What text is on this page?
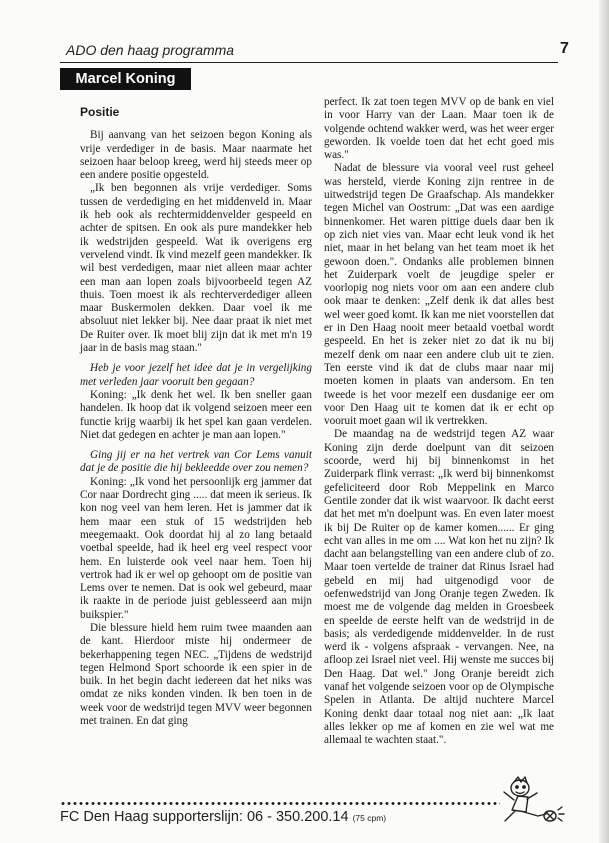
ADO den haag programma	7
Marcel Koning
Positie

Bij aanvang van het seizoen begon Koning als vrije verdediger in de basis. Maar naarmate het seizoen haar beloop kreeg, werd hij steeds meer op een andere positie opgesteld.

„Ik ben begonnen als vrije verdediger. Soms tussen de verdediging en het middenveld in. Maar ik heb ook als rechtermiddenvelder gespeeld en achter de spitsen. En ook als pure mandekker heb ik wedstrijden gespeeld. Wat ik overigens erg vervelend vindt. Ik vind mezelf geen mandekker. Ik wil best verdedigen, maar niet alleen maar achter een man aan lopen zoals bijvoorbeeld tegen AZ thuis. Toen moest ik als rechterverdediger alleen maar Buskermolen dekken. Daar voel ik me absoluut niet lekker bij. Nee daar praat ik niet met De Ruiter over. Ik moet blij zijn dat ik met m'n 19 jaar in de basis mag staan."

Heb je voor jezelf het idee dat je in vergelijking met verleden jaar vooruit ben gegaan?

Koning: „Ik denk het wel. Ik ben sneller gaan handelen. Ik hoop dat ik volgend seizoen meer een functie krijg waarbij ik het spel kan gaan verdelen. Niet dat gedegen en achter je man aan lopen."

Ging jij er na het vertrek van Cor Lems vanuit dat je de positie die hij bekleedde over zou nemen?

Koning: „Ik vond het persoonlijk erg jammer dat Cor naar Dordrecht ging ..... dat meen ik serieus. Ik kon nog veel van hem leren. Het is jammer dat ik hem maar een stuk of 15 wedstrijden heb meegemaakt. Ook doordat hij al zo lang betaald voetbal speelde, had ik heel erg veel respect voor hem. En luisterde ook veel naar hem. Toen hij vertrok had ik er wel op gehoopt om de positie van Lems over te nemen. Dat is ook wel gebeurd, maar ik raakte in de periode juist geblesseerd aan mijn buikspier."

Die blessure hield hem ruim twee maanden aan de kant. Hierdoor miste hij ondermeer de bekerhappening tegen NEC. „Tijdens de wedstrijd tegen Helmond Sport schoorde ik een spier in de buik. In het begin dacht iedereen dat het niks was omdat ze niks konden vinden. Ik ben toen in de week voor de wedstrijd tegen MVV weer begonnen met trainen. En dat ging

perfect. Ik zat toen tegen MVV op de bank en viel in voor Harry van der Laan. Maar toen ik de volgende ochtend wakker werd, was het weer erger geworden. Ik voelde toen dat het echt goed mis was."

Nadat de blessure via vooral veel rust geheel was hersteld, vierde Koning zijn rentree in de uitwedstrijd tegen De Graafschap. Als mandekker tegen Michel van Oostrum: „Dat was een aardige binnenkomer. Het waren pittige duels daar ben ik op zich niet vies van. Maar echt leuk vond ik het niet, maar in het belang van het team moet ik het gewoon doen.". Ondanks alle problemen binnen het Zuiderpark voelt de jeugdige speler er voorlopig nog niets voor om aan een andere club ook maar te denken: „Zelf denk ik dat alles best wel weer goed komt. Ik kan me niet voorstellen dat er in Den Haag nooit meer betaald voetbal wordt gespeeld. En het is zeker niet zo dat ik nu bij mezelf denk om naar een andere club uit te zien. Ten eerste vind ik dat de clubs maar naar mij moeten komen in plaats van andersom. En ten tweede is het voor mezelf een dusdanige eer om voor Den Haag uit te komen dat ik er echt op vooruit moet gaan wil ik vertrekken.

De maandag na de wedstrijd tegen AZ waar Koning zijn derde doelpunt van dit seizoen scoorde, werd hij bij binnenkomst in het Zuiderpark flink verrast: „Ik werd bij binnenkomst gefeliciteerd door Rob Meppelink en Marco Gentile zonder dat ik wist waarvoor. Ik dacht eerst dat het met m'n doelpunt was. En even later moest ik bij De Ruiter op de kamer komen...... Er ging echt van alles in me om .... Wat kon het nu zijn? Ik dacht aan belangstelling van een andere club of zo. Maar toen vertelde de trainer dat Rinus Israel had gebeld en mij had uitgenodigd voor de oefenwedstrijd van Jong Oranje tegen Zweden. Ik moest me de volgende dag melden in Groesbeek en speelde de eerste helft van de wedstrijd in de basis; als verdedigende middenvelder. In de rust werd ik - volgens afspraak - vervangen. Nee, na afloop zei Israel niet veel. Hij wenste me succes bij Den Haag. Dat wel." Jong Oranje bereidt zich vanaf het volgende seizoen voor op de Olympische Spelen in Atlanta. De altijd nuchtere Marcel Koning denkt daar totaal nog niet aan: „Ik laat alles lekker op me af komen en zie wel wat me allemaal te wachten staat.".

FC Den Haag supporterslijn: 06 - 350.200.14 (75 cpm)
